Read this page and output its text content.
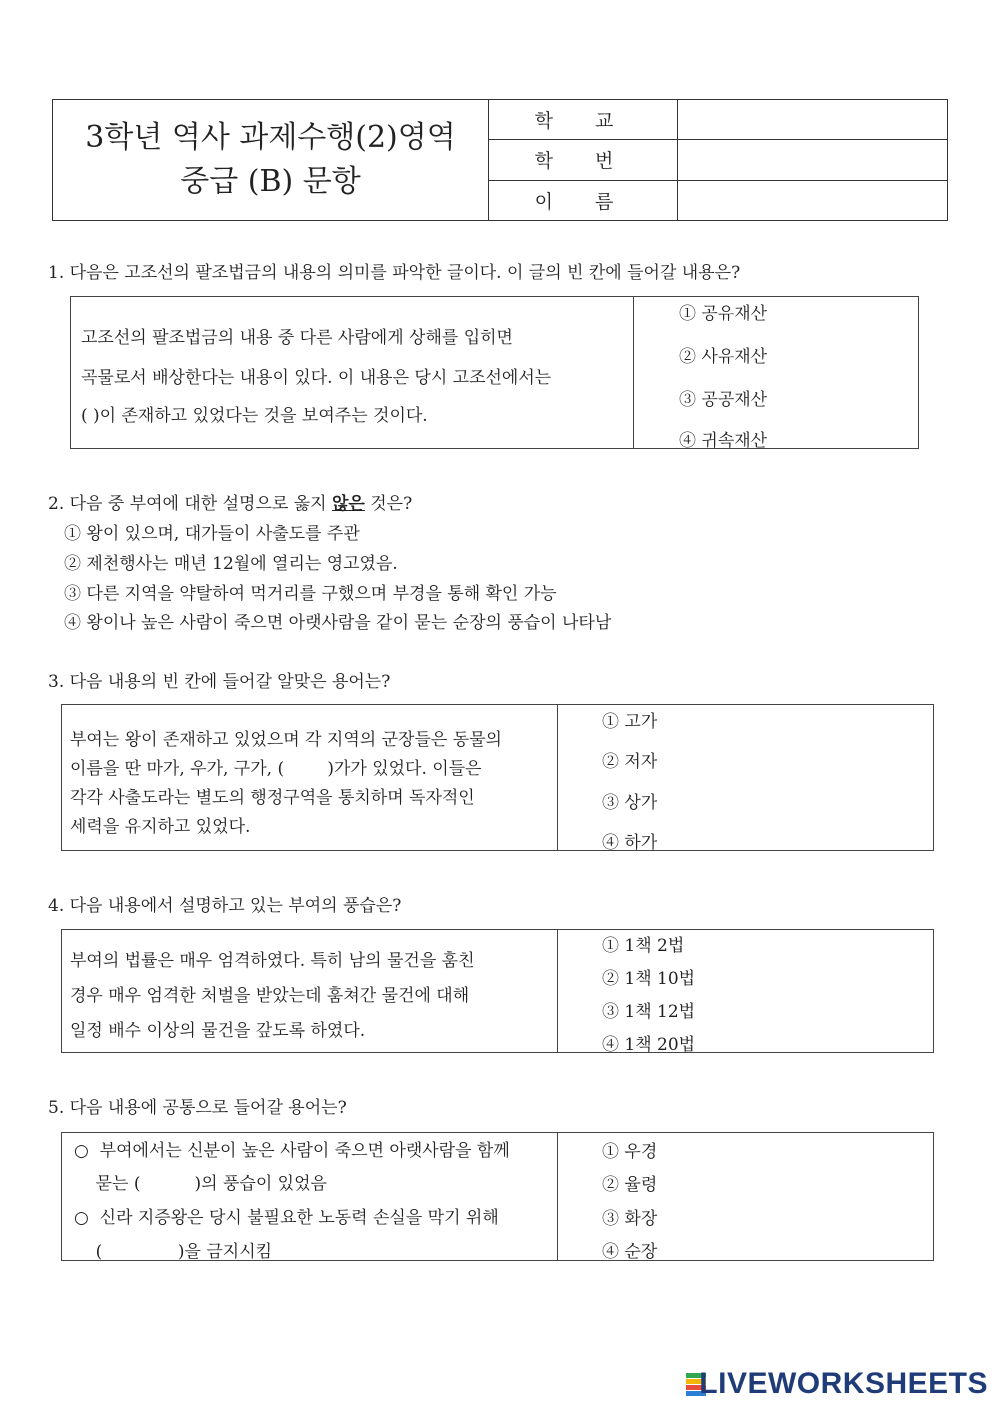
3학년 역사 과제수행(2)영역
중급 (B) 문항	학 교	
	학 번	
	이 름	
1. 다음은 고조선의 팔조법금의 내용의 의미를 파악한 글이다. 이 글의 빈 칸에 들어갈 내용은?
고조선의 팔조법금의 내용 중 다른 사람에게 상해를 입히면
곡물로서 배상한다는 내용이 있다. 이 내용은 당시 고조선에서는
( )이 존재하고 있었다는 것을 보여주는 것이다.
① 공유재산
② 사유재산
③ 공공재산
④ 귀속재산
2. 다음 중 부여에 대한 설명으로 옳지 않은 것은?
① 왕이 있으며, 대가들이 사출도를 주관
② 제천행사는 매년 12월에 열리는 영고였음.
③ 다른 지역을 약탈하여 먹거리를 구했으며 부경을 통해 확인 가능
④ 왕이나 높은 사람이 죽으면 아랫사람을 같이 묻는 순장의 풍습이 나타남
3. 다음 내용의 빈 칸에 들어갈 알맞은 용어는?
부여는 왕이 존재하고 있었으며 각 지역의 군장들은 동물의
이름을 딴 마가, 우가, 구가, (        )가가 있었다. 이들은
각각 사출도라는 별도의 행정구역을 통치하며 독자적인
세력을 유지하고 있었다.
① 고가
② 저자
③ 상가
④ 하가
4. 다음 내용에서 설명하고 있는 부여의 풍습은?
부여의 법률은 매우 엄격하였다. 특히 남의 물건을 훔친
경우 매우 엄격한 처벌을 받았는데 훔쳐간 물건에 대해
일정 배수 이상의 물건을 갚도록 하였다.
① 1책 2법
② 1책 10법
③ 1책 12법
④ 1책 20법
5. 다음 내용에 공통으로 들어갈 용어는?
○  부여에서는 신분이 높은 사람이 죽으면 아랫사람을 함께
묻는 (          )의 풍습이 있었음
○  신라 지증왕은 당시 불필요한 노동력 손실을 막기 위해
(              )을 금지시킴
① 우경
② 율령
③ 화장
④ 순장
LIVEWORKSHEETS
